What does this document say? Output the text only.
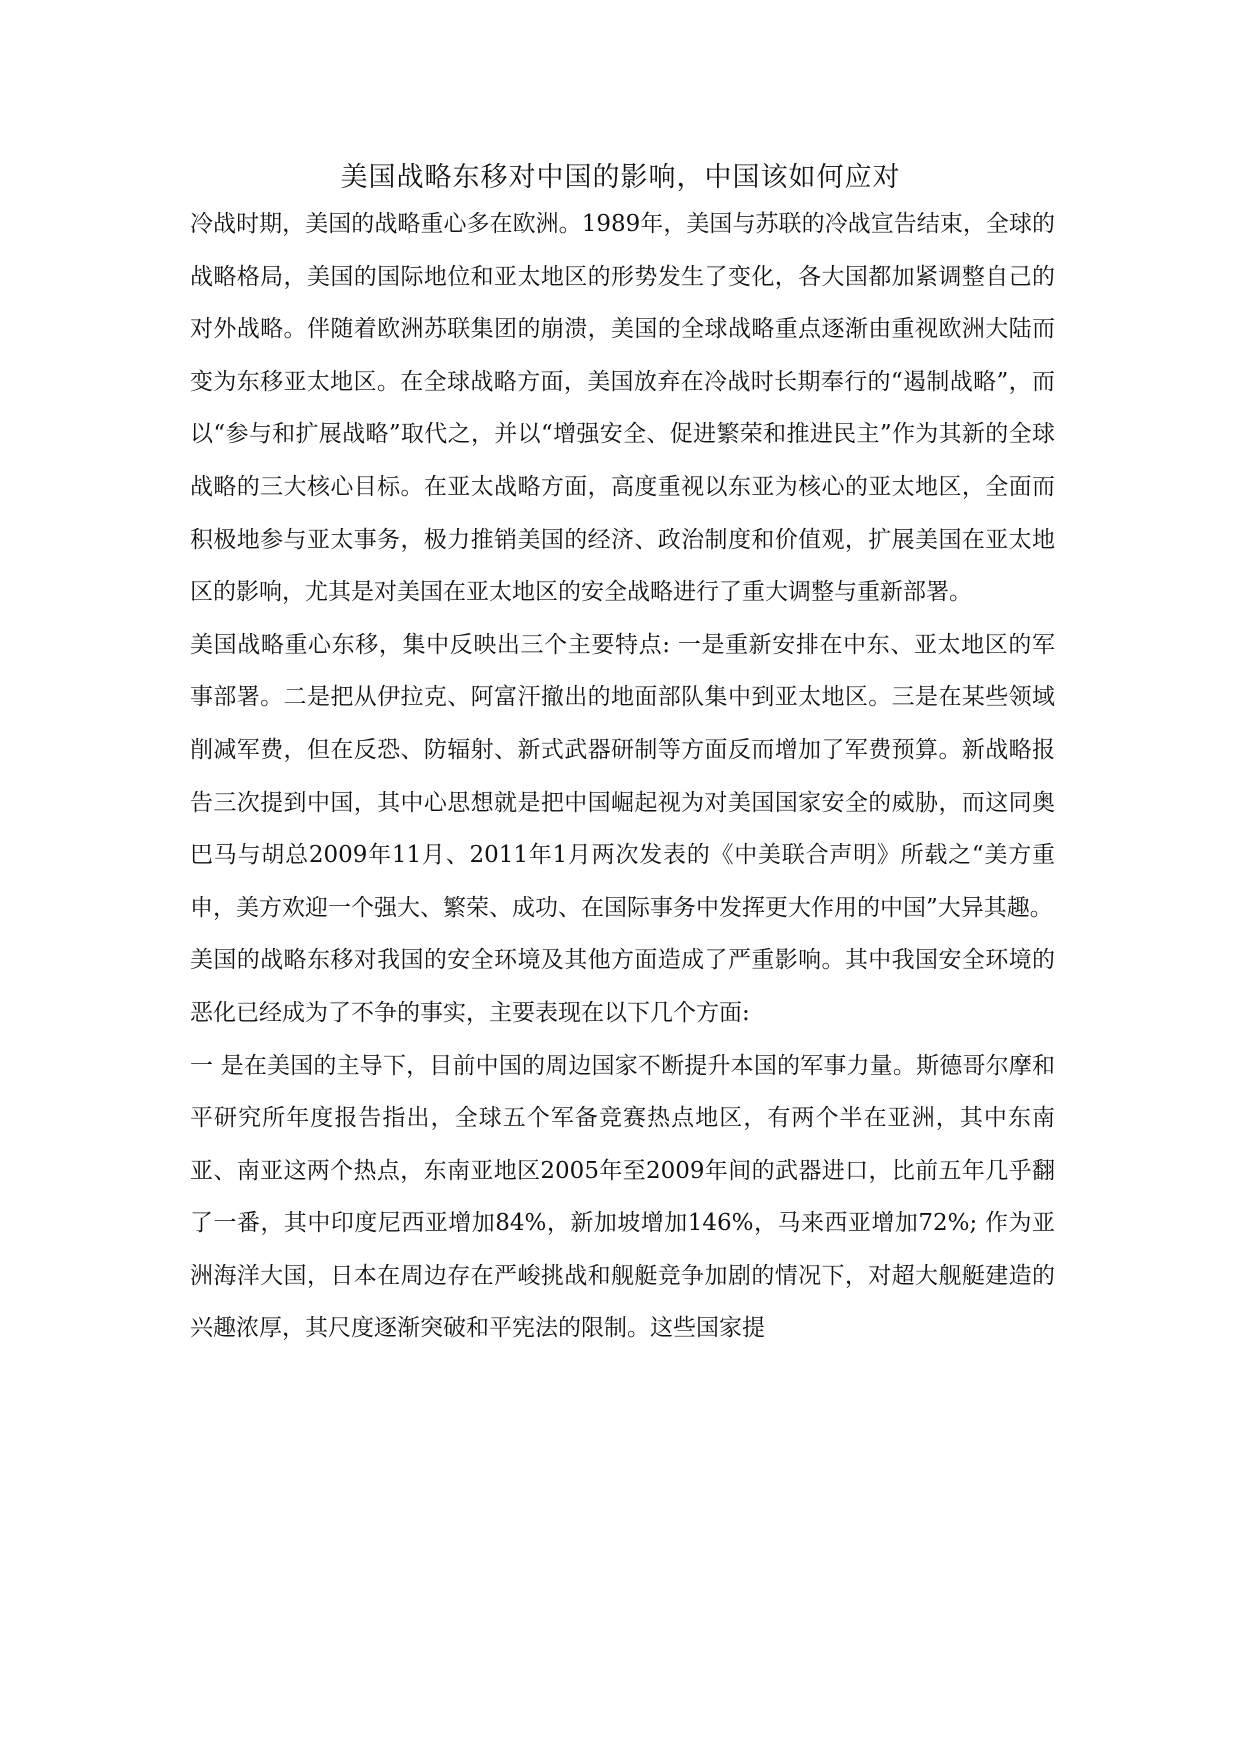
美国战略东移对中国的影响，中国该如何应对

冷战时期，美国的战略重心多在欧洲。1989年，美国与苏联的冷战宣告结束，全球的战略格局，美国的国际地位和亚太地区的形势发生了变化，各大国都加紧调整自己的对外战略。伴随着欧洲苏联集团的崩溃，美国的全球战略重点逐渐由重视欧洲大陆而变为东移亚太地区。在全球战略方面，美国放弃在冷战时长期奉行的“遏制战略”，而以“参与和扩展战略”取代之，并以“增强安全、促进繁荣和推进民主”作为其新的全球战略的三大核心目标。在亚太战略方面，高度重视以东亚为核心的亚太地区，全面而积极地参与亚太事务，极力推销美国的经济、政治制度和价值观，扩展美国在亚太地区的影响，尤其是对美国在亚太地区的安全战略进行了重大调整与重新部署。

美国战略重心东移，集中反映出三个主要特点: 一是重新安排在中东、亚太地区的军事部署。二是把从伊拉克、阿富汗撤出的地面部队集中到亚太地区。三是在某些领域削减军费，但在反恐、防辐射、新式武器研制等方面反而增加了军费预算。新战略报告三次提到中国，其中心思想就是把中国崛起视为对美国国家安全的威胁，而这同奥巴马与胡总2009年11月、2011年1月两次发表的《中美联合声明》所载之“美方重申，美方欢迎一个强大、繁荣、成功、在国际事务中发挥更大作用的中国”大异其趣。

美国的战略东移对我国的安全环境及其他方面造成了严重影响。其中我国安全环境的恶化已经成为了不争的事实，主要表现在以下几个方面:

一 是在美国的主导下，目前中国的周边国家不断提升本国的军事力量。斯德哥尔摩和平研究所年度报告指出，全球五个军备竞赛热点地区，有两个半在亚洲，其中东南亚、南亚这两个热点，东南亚地区2005年至2009年间的武器进口，比前五年几乎翻了一番，其中印度尼西亚增加84%，新加坡增加146%，马来西亚增加72%; 作为亚洲海洋大国，日本在周边存在严峻挑战和舰艇竞争加剧的情况下，对超大舰艇建造的兴趣浓厚，其尺度逐渐突破和平宪法的限制。这些国家提
